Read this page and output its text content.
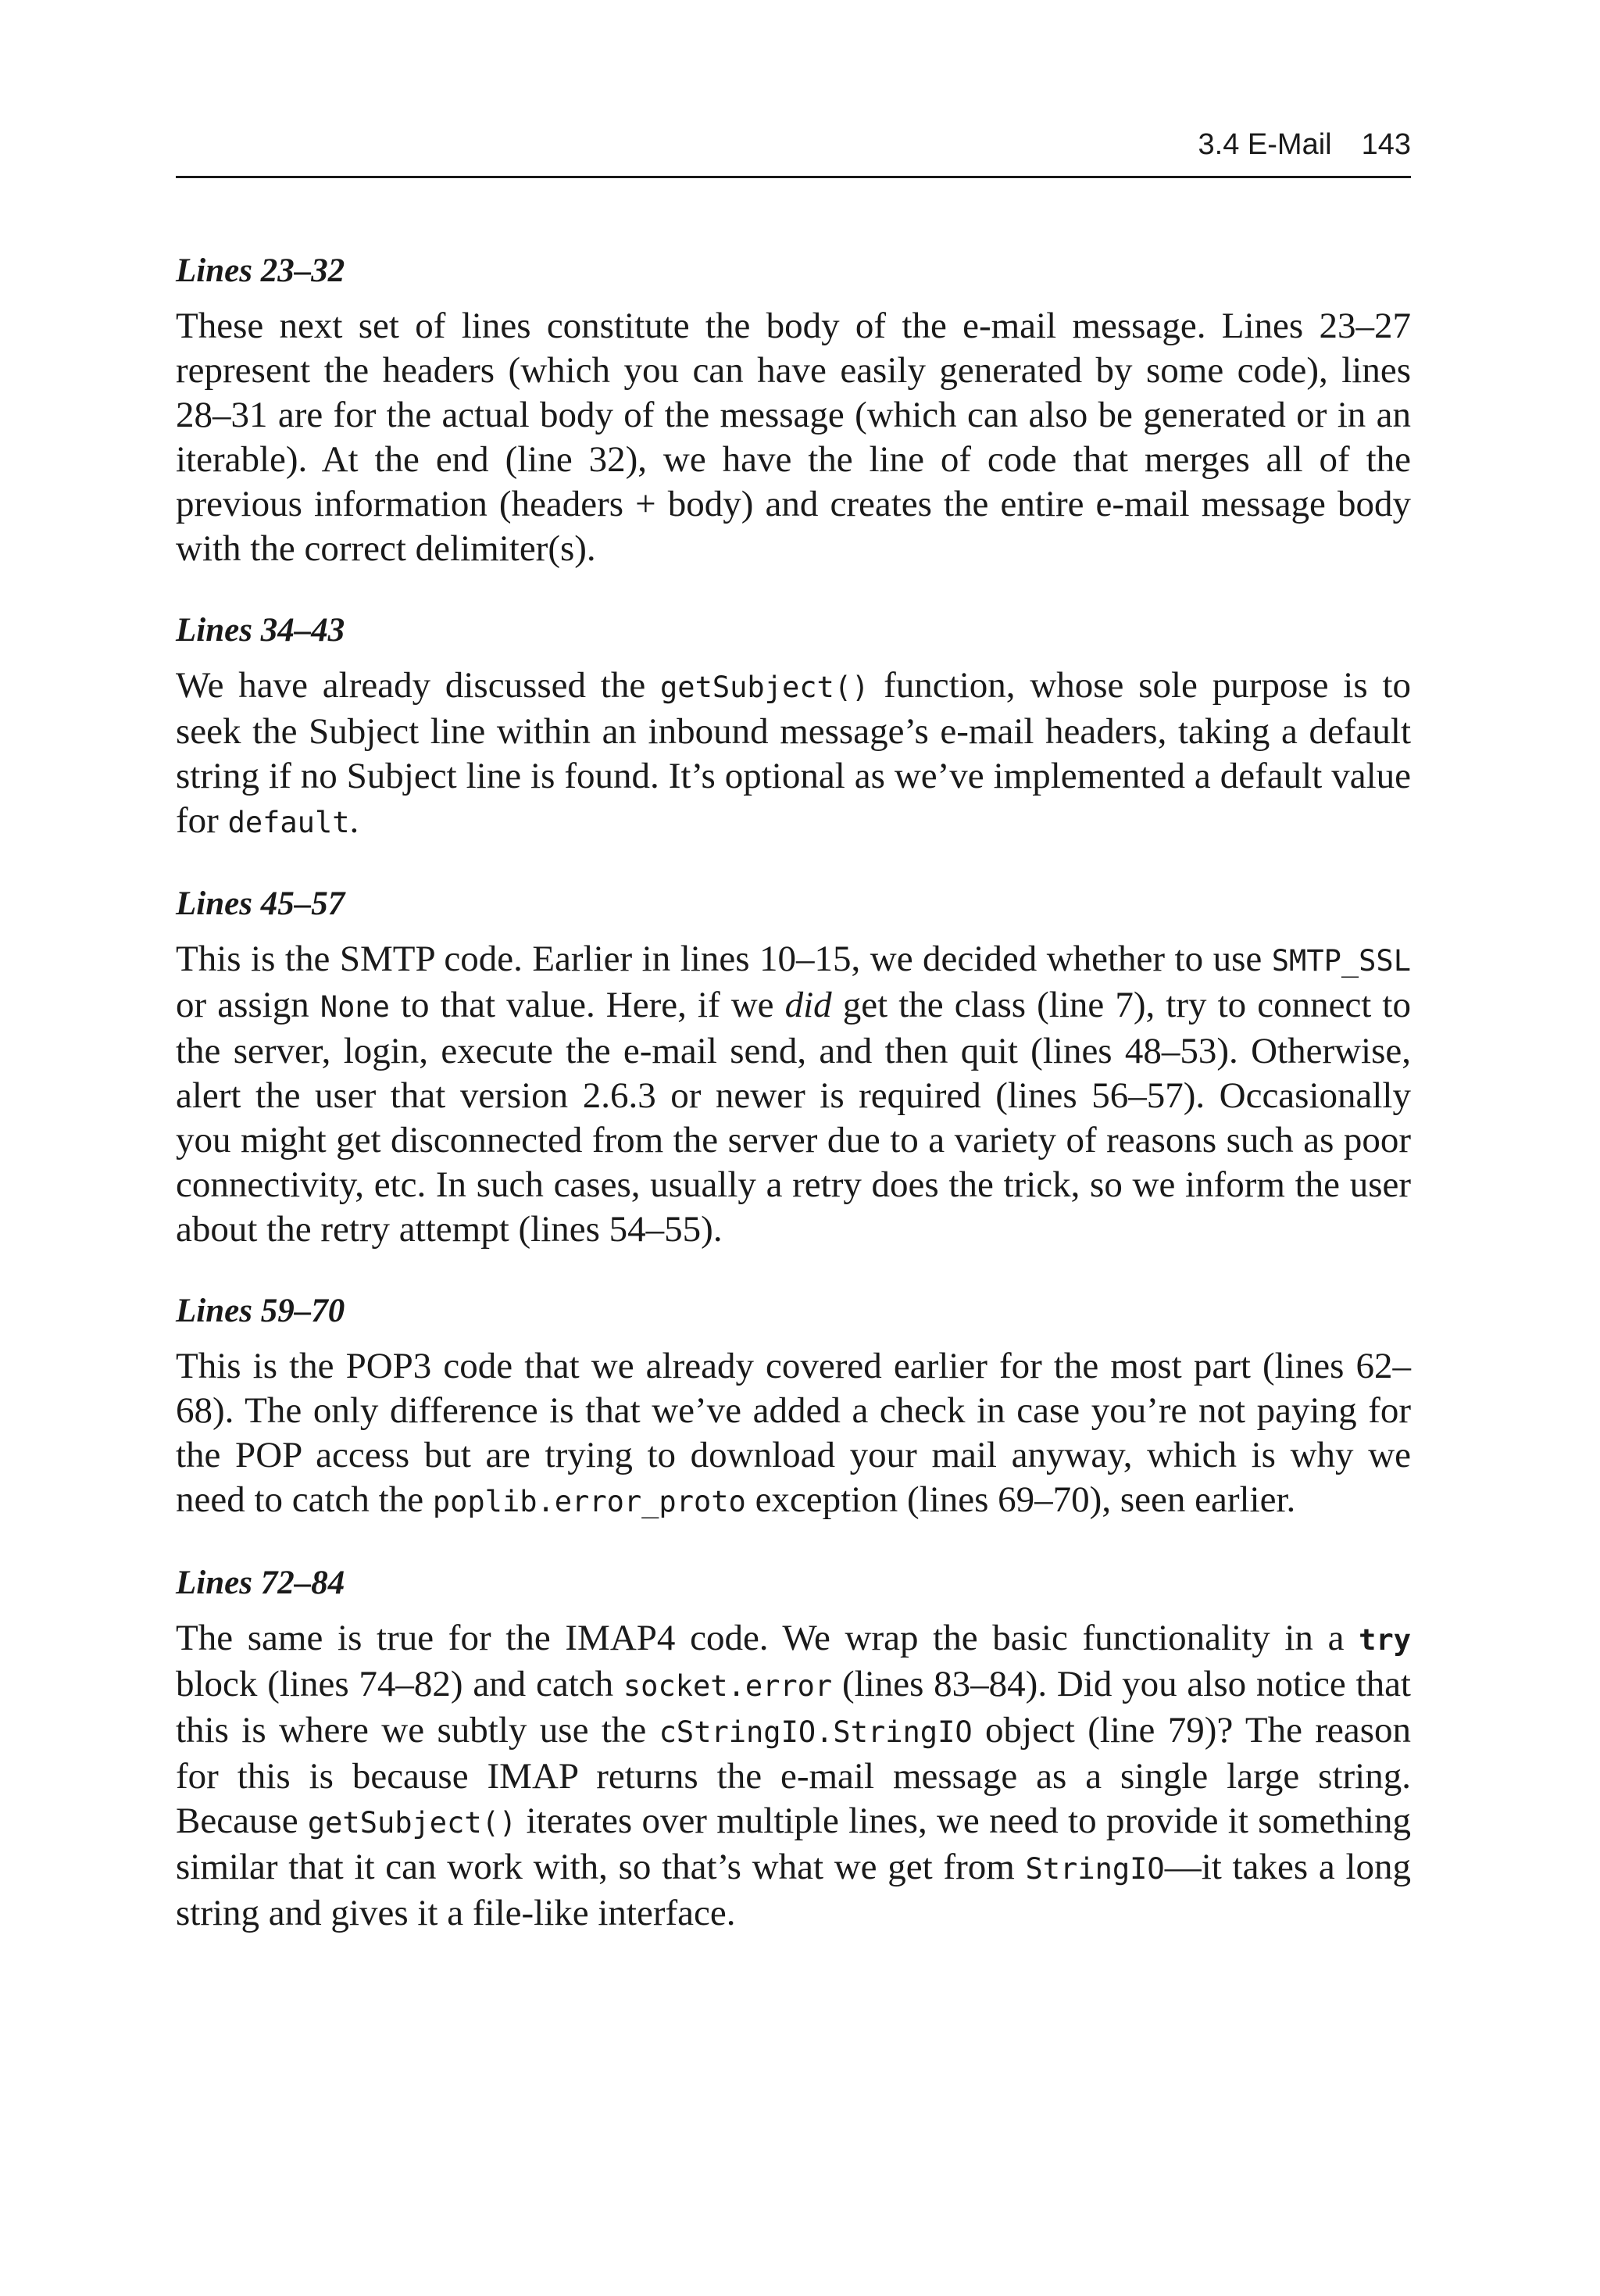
3.4 E-Mail 143
Lines 23–32

These next set of lines constitute the body of the e-mail message. Lines 23–27 represent the headers (which you can have easily generated by some code), lines 28–31 are for the actual body of the message (which can also be generated or in an iterable). At the end (line 32), we have the line of code that merges all of the previous information (headers + body) and creates the entire e-mail message body with the correct delimiter(s).

Lines 34–43

We have already discussed the getSubject() function, whose sole purpose is to seek the Subject line within an inbound message’s e-mail headers, taking a default string if no Subject line is found. It’s optional as we’ve implemented a default value for default.

Lines 45–57

This is the SMTP code. Earlier in lines 10–15, we decided whether to use SMTP_SSL or assign None to that value. Here, if we did get the class (line 7), try to connect to the server, login, execute the e-mail send, and then quit (lines 48–53). Otherwise, alert the user that version 2.6.3 or newer is required (lines 56–57). Occasionally you might get disconnected from the server due to a variety of reasons such as poor connectivity, etc. In such cases, usually a retry does the trick, so we inform the user about the retry attempt (lines 54–55).

Lines 59–70

This is the POP3 code that we already covered earlier for the most part (lines 62–68). The only difference is that we’ve added a check in case you’re not paying for the POP access but are trying to download your mail anyway, which is why we need to catch the poplib.error_proto exception (lines 69–70), seen earlier.

Lines 72–84

The same is true for the IMAP4 code. We wrap the basic functionality in a try block (lines 74–82) and catch socket.error (lines 83–84). Did you also notice that this is where we subtly use the cStringIO.StringIO object (line 79)? The reason for this is because IMAP returns the e-mail message as a single large string. Because getSubject() iterates over multiple lines, we need to provide it something similar that it can work with, so that’s what we get from StringIO—it takes a long string and gives it a file-like interface.
